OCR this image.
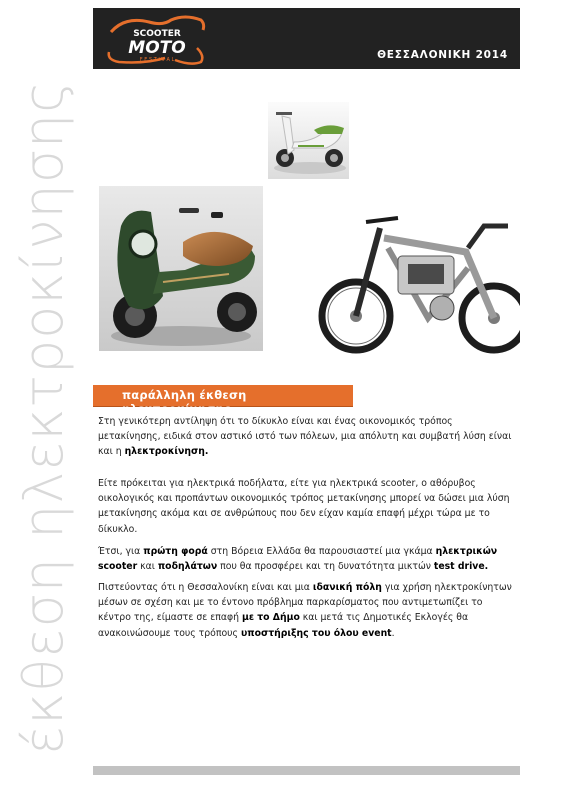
έκθεση ηλεκτροκίνησης
SCOOTER
MOTO
F E S T I V A L	ΘΕΣΣΑΛΟΝΙΚΗ 2014
παράλληλη έκθεση ηλεκτροκίνησης

Στη γενικότερη αντίληψη ότι το δίκυκλο είναι και ένας οικονομικός τρόπος μετακίνησης, ειδικά στον αστικό ιστό των πόλεων, μια απόλυτη και συμβατή λύση είναι και η ηλεκτροκίνηση.

Είτε πρόκειται για ηλεκτρικά ποδήλατα, είτε για ηλεκτρικά scooter, ο αθόρυβος οικολογικός και προπάντων οικονομικός τρόπος μετακίνησης μπορεί να δώσει μια λύση μετακίνησης ακόμα και σε ανθρώπους που δεν είχαν καμία επαφή μέχρι τώρα με το δίκυκλο.

Έτσι, για πρώτη φορά στη Βόρεια Ελλάδα θα παρουσιαστεί μια γκάμα ηλεκτρικών scooter και ποδηλάτων που θα προσφέρει και τη δυνατότητα μικτών test drive.

Πιστεύοντας ότι η Θεσσαλονίκη είναι και μια ιδανική πόλη για χρήση ηλεκτροκίνητων μέσων σε σχέση και με το έντονο πρόβλημα παρκαρίσματος που αντιμετωπίζει το κέντρο της, είμαστε σε επαφή με το Δήμο και μετά τις Δημοτικές Εκλογές θα ανακοινώσουμε τους τρόπους υποστήριξης του όλου event.
